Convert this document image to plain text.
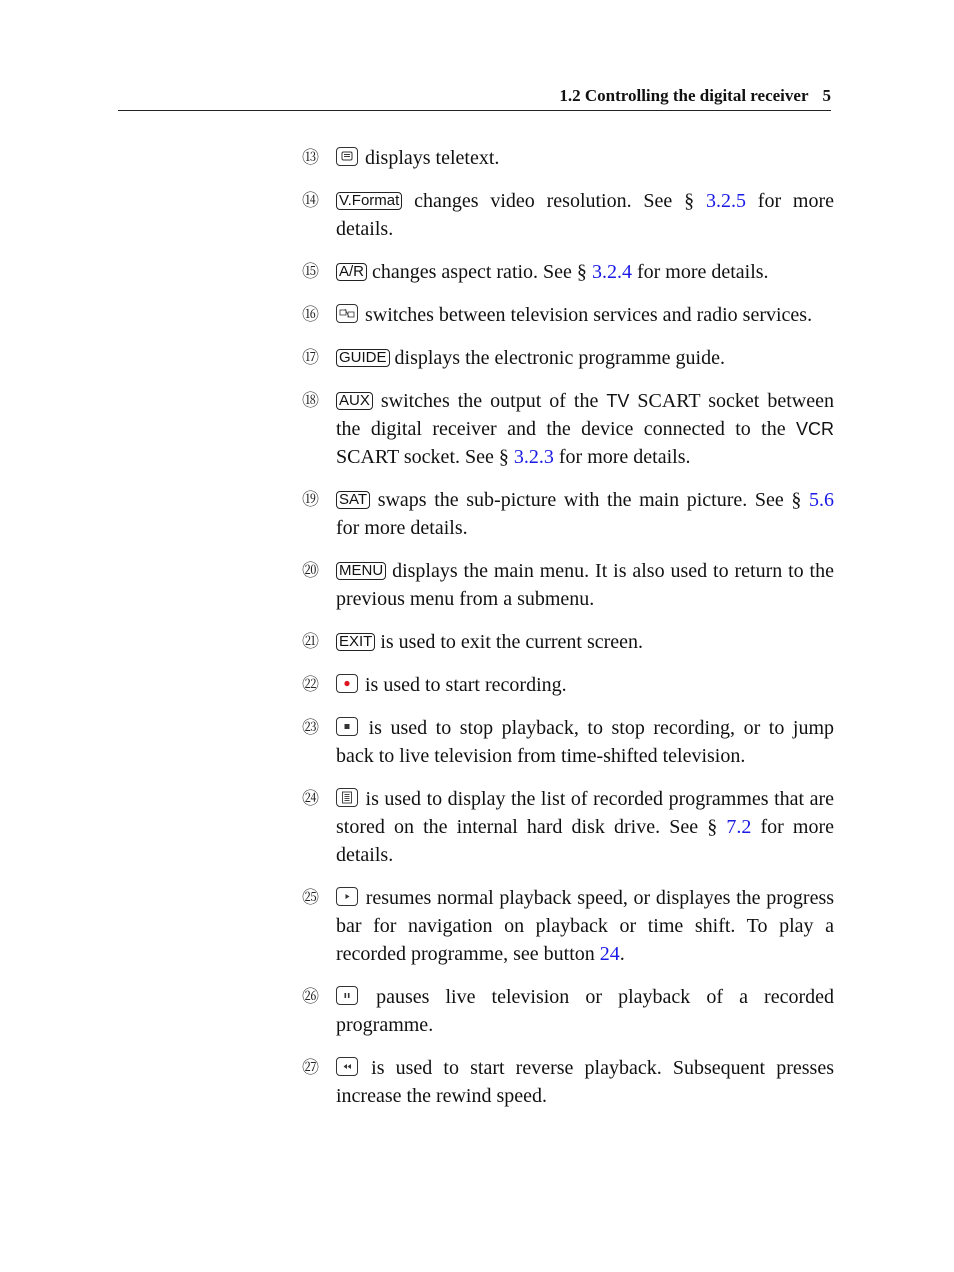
1.2 Controlling the digital receiver 5
⑬	displays teletext.
⑭	V.Format changes video resolution. See § 3.2.5 for more details.
⑮	A/R changes aspect ratio. See § 3.2.4 for more details.
⑯	switches between television services and radio services.
⑰	GUIDE displays the electronic programme guide.
⑱	AUX switches the output of the TV SCART socket between the digital receiver and the device connected to the VCR SCART socket. See § 3.2.3 for more details.
⑲	SAT swaps the sub-picture with the main picture. See § 5.6 for more details.
⑳	MENU displays the main menu. It is also used to return to the previous menu from a submenu.
㉑	EXIT is used to exit the current screen.
㉒	is used to start recording.
㉓	is used to stop playback, to stop recording, or to jump back to live television from time-shifted television.
㉔	is used to display the list of recorded programmes that are stored on the internal hard disk drive. See § 7.2 for more details.
㉕	resumes normal playback speed, or displayes the progress bar for navigation on playback or time shift. To play a recorded programme, see button 24.
㉖	pauses live television or playback of a recorded programme.
㉗	is used to start reverse playback. Subsequent presses increase the rewind speed.
